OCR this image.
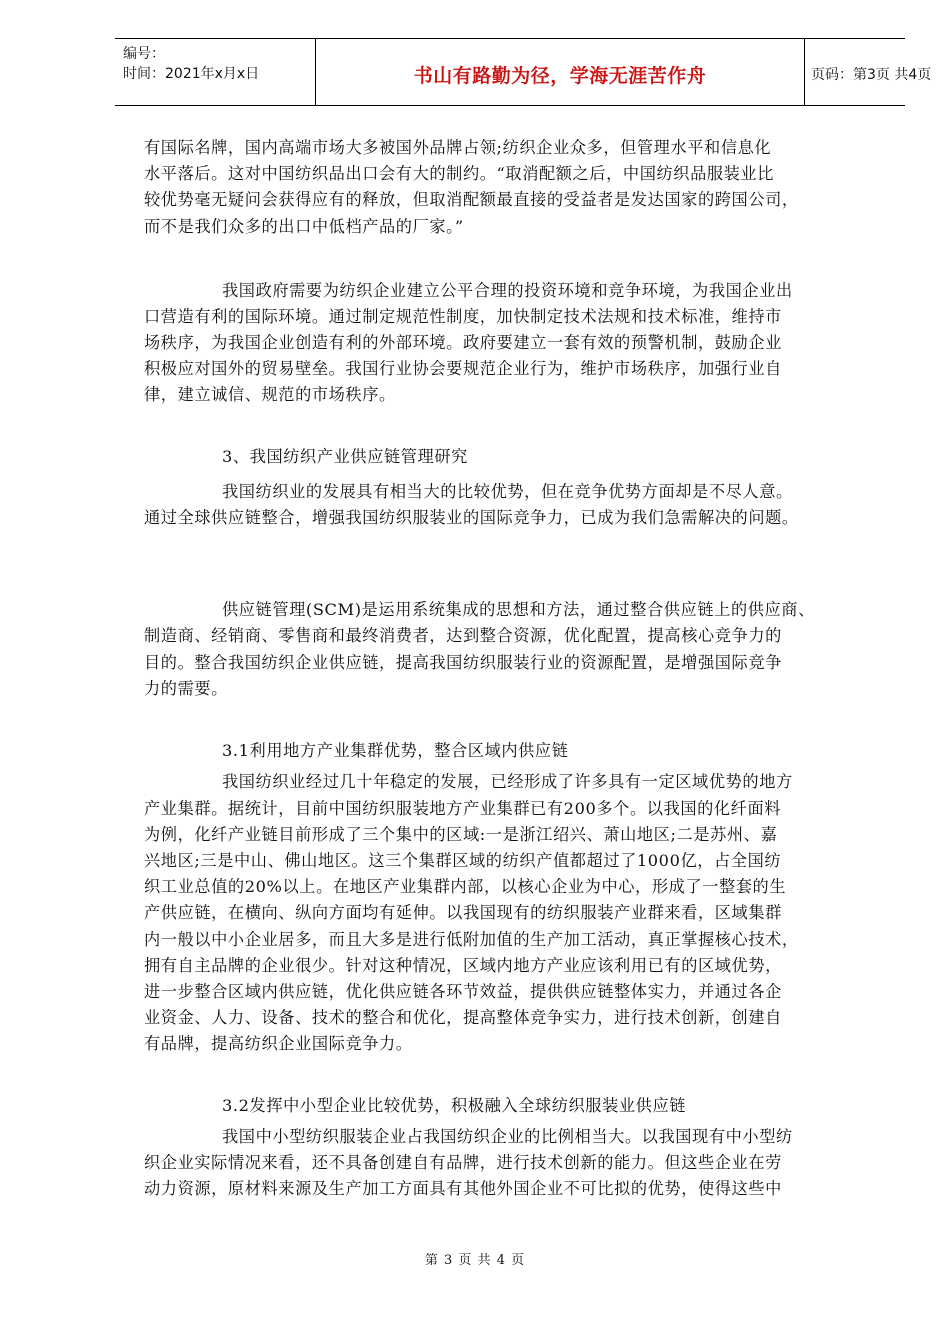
编号：
时间：2021年x月x日	书山有路勤为径，学海无涯苦作舟	页码：第3页 共4页
有国际名牌，国内高端市场大多被国外品牌占领;纺织企业众多，但管理水平和信息化
水平落后。这对中国纺织品出口会有大的制约。“取消配额之后，中国纺织品服装业比
较优势毫无疑问会获得应有的释放，但取消配额最直接的受益者是发达国家的跨国公司，
而不是我们众多的出口中低档产品的厂家。”
我国政府需要为纺织企业建立公平合理的投资环境和竞争环境，为我国企业出
口营造有利的国际环境。通过制定规范性制度，加快制定技术法规和技术标准，维持市
场秩序，为我国企业创造有利的外部环境。政府要建立一套有效的预警机制，鼓励企业
积极应对国外的贸易壁垒。我国行业协会要规范企业行为，维护市场秩序，加强行业自
律，建立诚信、规范的市场秩序。
3、我国纺织产业供应链管理研究
我国纺织业的发展具有相当大的比较优势，但在竞争优势方面却是不尽人意。
通过全球供应链整合，增强我国纺织服装业的国际竞争力，已成为我们急需解决的问题。
供应链管理(SCM)是运用系统集成的思想和方法，通过整合供应链上的供应商、
制造商、经销商、零售商和最终消费者，达到整合资源，优化配置，提高核心竞争力的
目的。整合我国纺织企业供应链，提高我国纺织服装行业的资源配置，是增强国际竞争
力的需要。
3.1利用地方产业集群优势，整合区域内供应链
我国纺织业经过几十年稳定的发展，已经形成了许多具有一定区域优势的地方
产业集群。据统计，目前中国纺织服装地方产业集群已有200多个。以我国的化纤面料
为例，化纤产业链目前形成了三个集中的区域:一是浙江绍兴、萧山地区;二是苏州、嘉
兴地区;三是中山、佛山地区。这三个集群区域的纺织产值都超过了1000亿，占全国纺
织工业总值的20%以上。在地区产业集群内部，以核心企业为中心，形成了一整套的生
产供应链，在横向、纵向方面均有延伸。以我国现有的纺织服装产业群来看，区域集群
内一般以中小企业居多，而且大多是进行低附加值的生产加工活动，真正掌握核心技术，
拥有自主品牌的企业很少。针对这种情况，区域内地方产业应该利用已有的区域优势，
进一步整合区域内供应链，优化供应链各环节效益，提供供应链整体实力，并通过各企
业资金、人力、设备、技术的整合和优化，提高整体竞争实力，进行技术创新，创建自
有品牌，提高纺织企业国际竞争力。
3.2发挥中小型企业比较优势，积极融入全球纺织服装业供应链
我国中小型纺织服装企业占我国纺织企业的比例相当大。以我国现有中小型纺
织企业实际情况来看，还不具备创建自有品牌，进行技术创新的能力。但这些企业在劳
动力资源，原材料来源及生产加工方面具有其他外国企业不可比拟的优势，使得这些中
第 3 页 共 4 页
